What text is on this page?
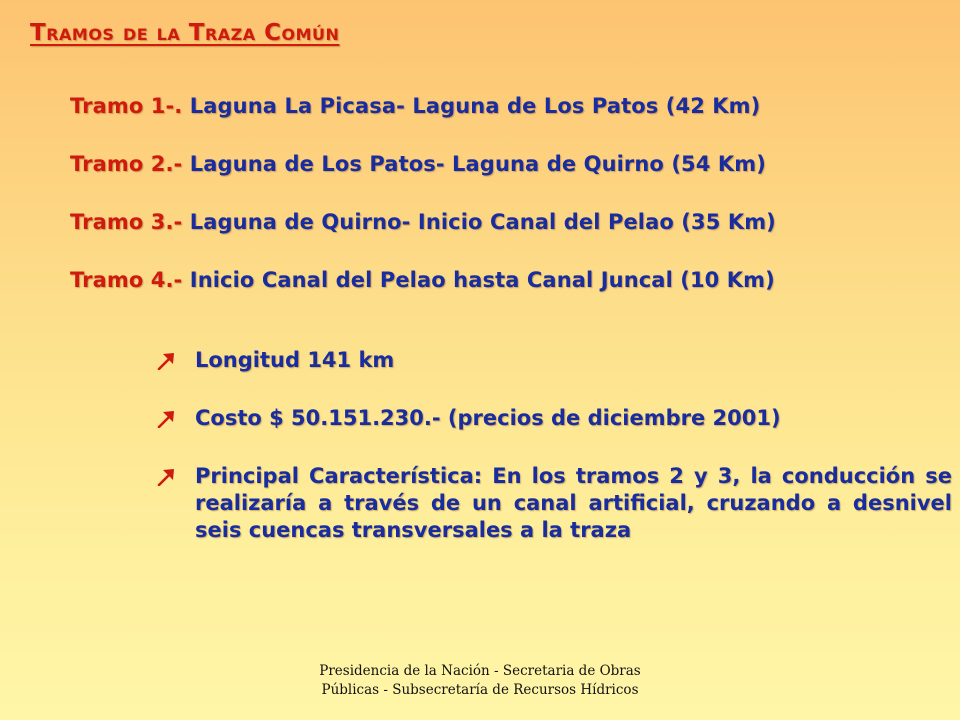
Tramos de la Traza Común
Tramo 1-. Laguna La Picasa- Laguna de Los Patos (42 Km)
Tramo 2.- Laguna de Los Patos- Laguna de Quirno (54 Km)
Tramo 3.- Laguna de Quirno- Inicio Canal del Pelao (35 Km)
Tramo 4.- Inicio Canal del Pelao hasta Canal Juncal (10 Km)
Longitud 141 km
Costo $ 50.151.230.- (precios de diciembre 2001)
Principal Característica: En los tramos 2 y 3, la conducción se realizaría a través de un canal artificial, cruzando a desnivel seis cuencas transversales a la traza
Presidencia de la Nación - Secretaria de Obras Públicas - Subsecretaría de Recursos Hídricos
